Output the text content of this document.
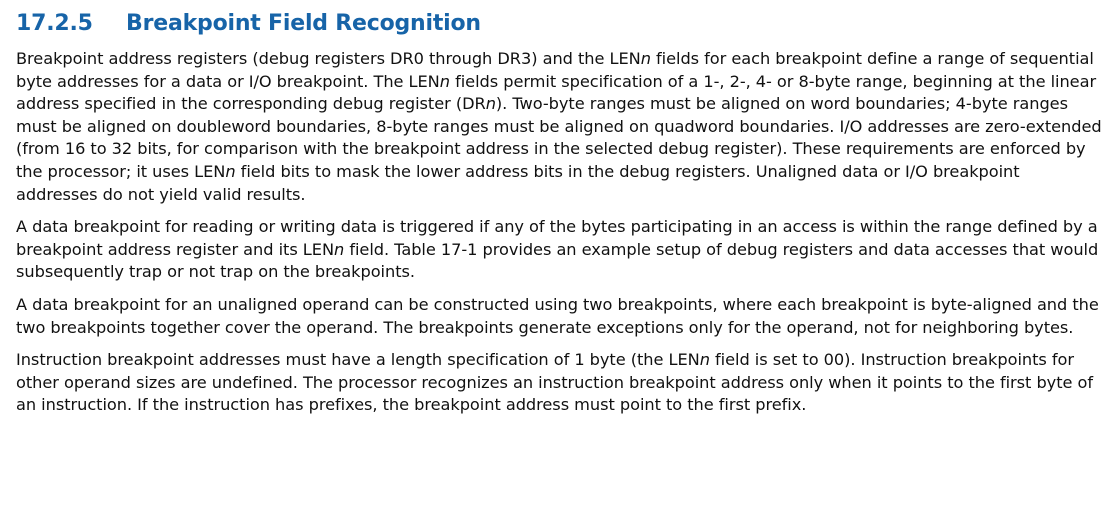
17.2.5	Breakpoint Field Recognition

Breakpoint address registers (debug registers DR0 through DR3) and the LENn fields for each breakpoint define a range of sequential byte addresses for a data or I/O breakpoint. The LENn fields permit specification of a 1-, 2-, 4- or 8-byte range, beginning at the linear address specified in the corresponding debug register (DRn). Two-byte ranges must be aligned on word boundaries; 4-byte ranges must be aligned on doubleword boundaries, 8-byte ranges must be aligned on quadword boundaries. I/O addresses are zero-extended (from 16 to 32 bits, for comparison with the breakpoint address in the selected debug register). These requirements are enforced by the processor; it uses LENn field bits to mask the lower address bits in the debug registers. Unaligned data or I/O breakpoint addresses do not yield valid results.

A data breakpoint for reading or writing data is triggered if any of the bytes participating in an access is within the range defined by a breakpoint address register and its LENn field. Table 17-1 provides an example setup of debug registers and data accesses that would subsequently trap or not trap on the breakpoints.

A data breakpoint for an unaligned operand can be constructed using two breakpoints, where each breakpoint is byte-aligned and the two breakpoints together cover the operand. The breakpoints generate exceptions only for the operand, not for neighboring bytes.

Instruction breakpoint addresses must have a length specification of 1 byte (the LENn field is set to 00). Instruction breakpoints for other operand sizes are undefined. The processor recognizes an instruction breakpoint address only when it points to the first byte of an instruction. If the instruction has prefixes, the breakpoint address must point to the first prefix.
